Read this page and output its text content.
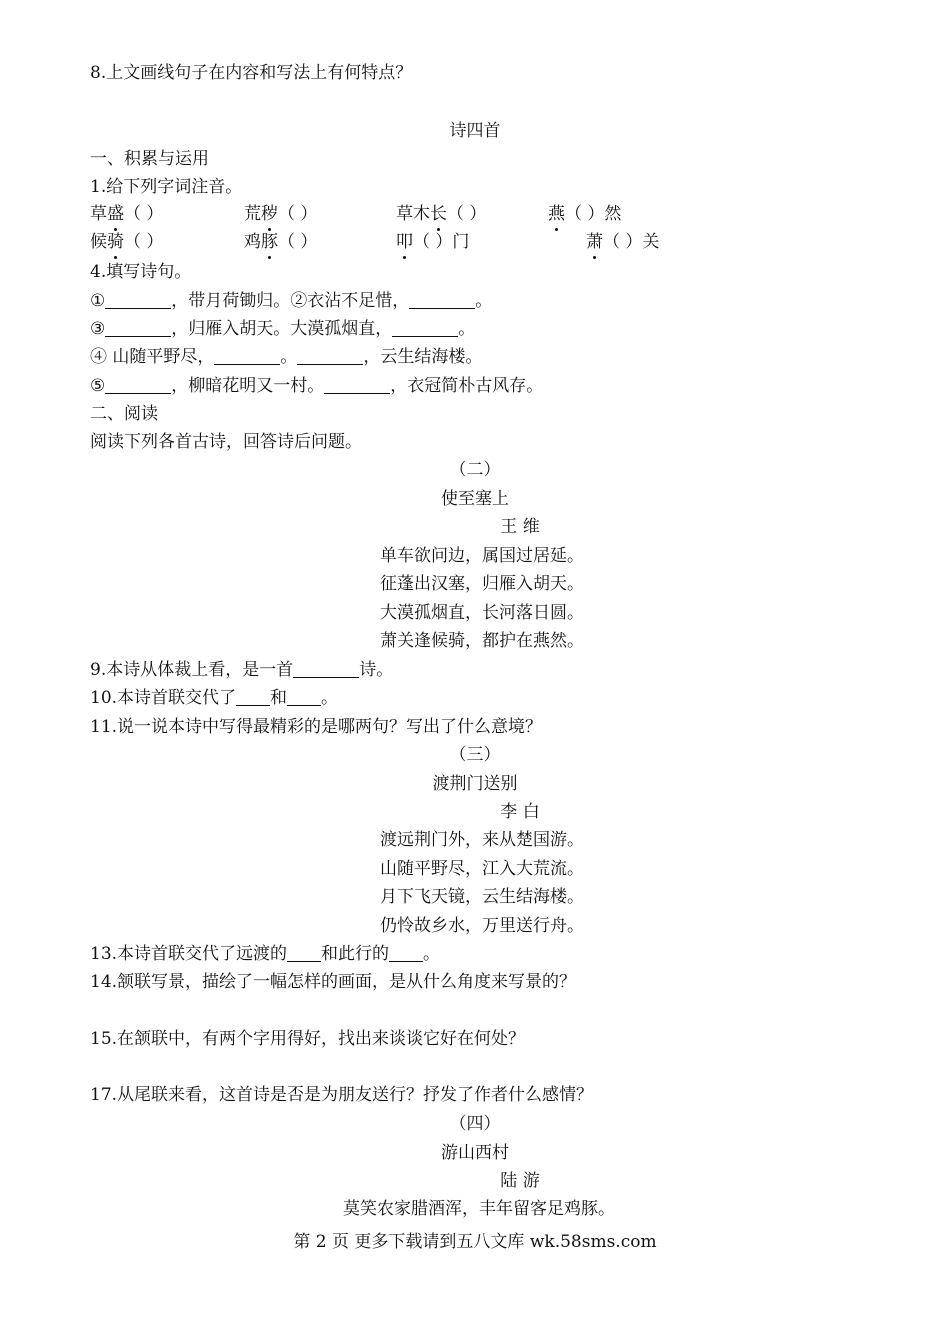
8.上文画线句子在内容和写法上有何特点？
诗四首
一、积累与运用
1.给下列字词注音。
草盛（ ）	荒秽（ ）	草木长（ ）	燕（ ）然
候骑（ ）	鸡豚（ ）	叩（ ）门	萧（ ）关
4.填写诗句。
①	，带月荷锄归。②衣沾不足惜，	。
③	，归雁入胡天。大漠孤烟直，	。
④ 山随平野尽，	。	，云生结海楼。
⑤	，柳暗花明又一村。	，衣冠简朴古风存。
二、阅读
阅读下列各首古诗，回答诗后问题。
（二）
使至塞上
王 维
单车欲问边，属国过居延。
征蓬出汉塞，归雁入胡天。
大漠孤烟直，长河落日圆。
萧关逢候骑，都护在燕然。
9.本诗从体裁上看，是一首	诗。
10.本诗首联交代了 和 。
11.说一说本诗中写得最精彩的是哪两句？写出了什么意境？
（三）
渡荆门送别
李 白
渡远荆门外，来从楚国游。
山随平野尽，江入大荒流。
月下飞天镜，云生结海楼。
仍怜故乡水，万里送行舟。
13.本诗首联交代了远渡的 和此行的 。
14.颔联写景，描绘了一幅怎样的画面，是从什么角度来写景的？
15.在颔联中，有两个字用得好，找出来谈谈它好在何处？
17.从尾联来看，这首诗是否是为朋友送行？抒发了作者什么感情？
（四）
游山西村
陆 游
莫笑农家腊酒浑，丰年留客足鸡豚。
第 2 页 更多下载请到五八文库 wk.58sms.com
